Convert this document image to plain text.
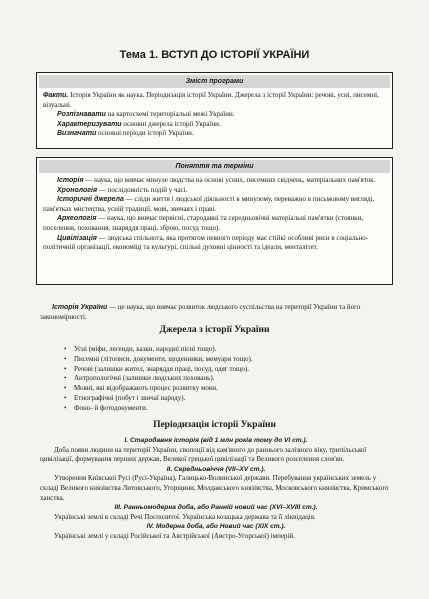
Тема 1. ВСТУП ДО ІСТОРІЇ УКРАЇНИ
Зміст програми

Факти. Історія України як наука. Періодизація історії України. Джерела з історії України: речові, усні, писемні, візуальні.

Розпізнавати на картосхемі територіальні межі України.

Характеризувати основні джерела історії України.

Визначати основні періоди історії України.

Поняття та терміни

Історія — наука, що вивчає минуле людства на основі усних, писемних свідчень, матеріальних пам'яток.

Хронологія — послідовність подій у часі.

Історичні джерела — сліди життя і людської діяльності в минулому, переважно в письмовому вигляді, пам'ятках мистецтва, усній традиції, мові, звичаях і праві.

Археологія — наука, що вивчає первісні, стародавні та середньовічні матеріальні пам'ятки (стоянки, поселення, поховання, знаряддя праці, зброю, посуд тощо).

Цивілізація — людська спільнота, яка протягом певного періоду має стійкі особливі риси в соціально-політичній організації, економіці та культурі, спільні духовні цінності та ідеали, менталітет.

Історія України — це наука, що вивчає розвиток людського суспільства на території України та його закономірності.

Джерела з історії України
• Усні (міфи, легенди, казки, народні пісні тощо).
• Писемні (літописи, документи, щоденники, мемуари тощо).
• Речові (залишки жител, знаряддя праці, посуд, одяг тощо).
• Антропологічні (залишки людських поховань).
• Мовні, які відображають процес розвитку мови.
• Етнографічні (побут і звичаї народу).
• Фоно- й фотодокументи.
Періодизація історії України
І. Стародавня історія (від 1 млн років тому до VI ст.).

Доба появи людини на території України, свопоції від кам'яного до раннього залізного віку, трипільської цивілізації, формування перших держав, Великої грецької цивілізації та Великого розселення слов'ян.

ІІ. Середньовіччя (VII–XV ст.).

Утворення Київської Русі (Русі-Україна), Галицько-Волинської держави. Перебування українських земель у складі Великого князівства Литовського, Угорщини, Молдавського князівства, Московського князівства, Кримського ханства.

ІІІ. Ранньомодерна доба, або Ранній новий час (XVI–XVIII ст.).

Українські землі в складі Речі Посполитої. Українська козацька держава та її ліквідація.

IV. Модерна доба, або Новий час (ХІХ ст.).

Українські землі у складі Російської та Австрійської (Австро-Угорської) імперій.
